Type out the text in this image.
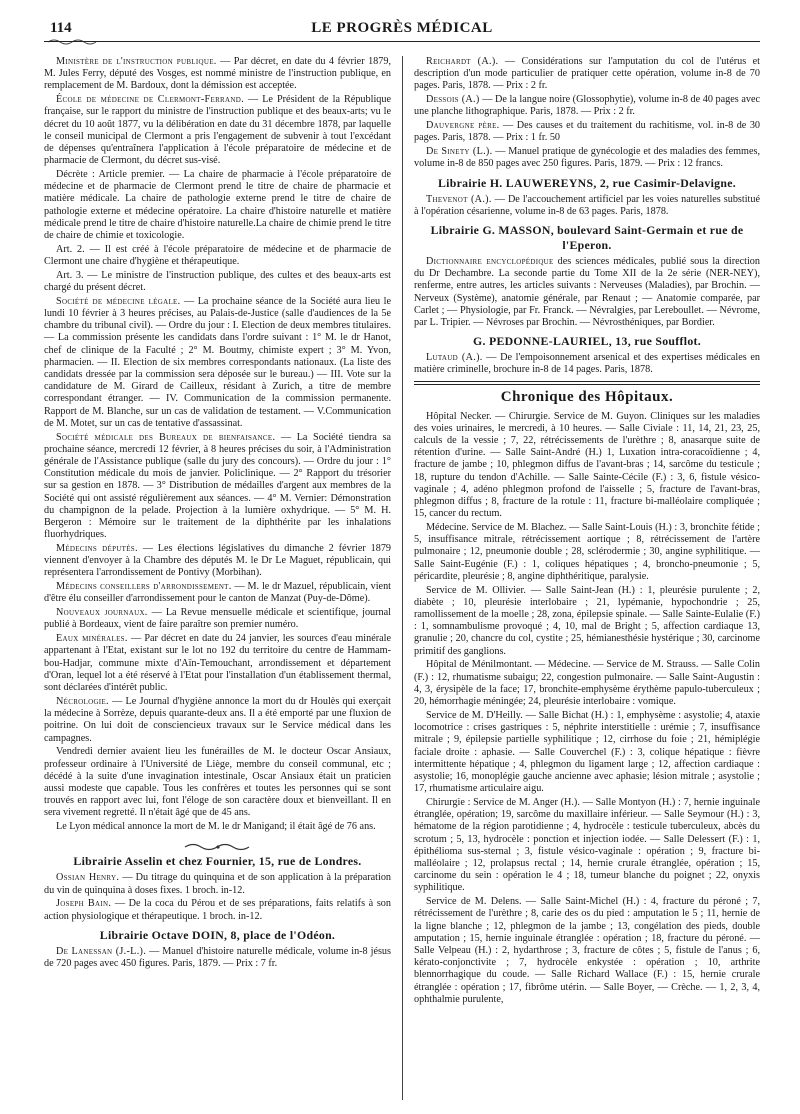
114	LE PROGRÈS MÉDICAL

Ministère de l'instruction publique. — Par décret, en date du 4 février 1879, M. Jules Ferry, député des Vosges, est nommé ministre de l'instruction publique, en remplacement de M. Bardoux, dont la démission est acceptée.

École de médecine de Clermont-Ferrand. — Le Président de la République française, sur le rapport du ministre de l'instruction publique et des beaux-arts; vu le décret du 10 août 1877, vu la délibération en date du 31 décembre 1878, par laquelle le conseil municipal de Clermont a pris l'engagement de subvenir à tout l'excédant de dépenses qu'entraînera l'application à l'école préparatoire de médecine et de pharmacie de Clermont, du décret sus-visé.

Décrète : Article premier. — La chaire de pharmacie à l'école préparatoire de médecine et de pharmacie de Clermont prend le titre de chaire de pharmacie et matière médicale. La chaire de pathologie externe prend le titre de chaire de pathologie externe et médecine opératoire. La chaire d'histoire naturelle et matière médicale prend le titre de chaire d'histoire naturelle.La chaire de chimie prend le titre de chaire de chimie et toxicologie.

Art. 2. — Il est créé à l'école préparatoire de médecine et de pharmacie de Clermont une chaire d'hygiène et thérapeutique.

Art. 3. — Le ministre de l'instruction publique, des cultes et des beaux-arts est chargé du présent décret.

Société de médecine légale. — La prochaine séance de la Société aura lieu le lundi 10 février à 3 heures précises, au Palais-de-Justice (salle d'audiences de la 5e chambre du tribunal civil). — Ordre du jour : I. Election de deux membres titulaires. — La commission présente les candidats dans l'ordre suivant : 1° M. le dr Hanot, chef de clinique de la Faculté ; 2° M. Boutmy, chimiste expert ; 3° M. Yvon, pharmacien. — II. Election de six membres correspondants nationaux. (La liste des candidats dressée par la commission sera déposée sur le bureau.) — III. Vote sur la candidature de M. Girard de Cailleux, résidant à Zurich, a titre de membre correspondant étranger. — IV. Communication de la commission permanente. Rapport de M. Blanche, sur un cas de validation de testament. — V.Communication de M. Motet, sur un cas de tentative d'assassinat.

Société médicale des Bureaux de bienfaisance. — La Société tiendra sa prochaine séance, mercredi 12 février, à 8 heures précises du soir, à l'Administration générale de l'Assistance publique (salle du jury des concours). — Ordre du jour : 1° Constitution médicale du mois de janvier. Policlinique. — 2° Rapport du trésorier sur sa gestion en 1878. — 3° Distribution de médailles d'argent aux membres de la Société qui ont assisté régulièrement aux séances. — 4° M. Vernier: Démonstration du champignon de la pelade. Projection à la lumière oxhydrique. — 5° M. H. Bergeron : Mémoire sur le traitement de la diphthérite par les inhalations fluorhydriques.

Médecins députés. — Les élections législatives du dimanche 2 février 1879 viennent d'envoyer à la Chambre des députés M. le Dr Le Maguet, républicain, qui représentera l'arrondissement de Pontivy (Morbihan).

Médecins conseillers d'arrondissement. — M. le dr Mazuel, républicain, vient d'être élu conseiller d'arrondissement pour le canton de Manzat (Puy-de-Dôme).

Nouveaux journaux. — La Revue mensuelle médicale et scientifique, journal publié à Bordeaux, vient de faire paraître son premier numéro.

Eaux minérales. — Par décret en date du 24 janvier, les sources d'eau minérale appartenant à l'Etat, existant sur le lot no 192 du territoire du centre de Hammam-bou-Hadjar, commune mixte d'Aïn-Temouchant, arrondissement et département d'Oran, lequel lot a été réservé à l'Etat pour l'installation d'un établissement thermal, sont déclarées d'intérêt public.

Nécrologie. — Le Journal d'hygiène annonce la mort du dr Houlès qui exerçait la médecine à Sorrèze, depuis quarante-deux ans. Il a été emporté par une fluxion de poitrine. On lui doit de consciencieux travaux sur le Service médical dans les campagnes.

Vendredi dernier avaient lieu les funérailles de M. le docteur Oscar Ansiaux, professeur ordinaire à l'Université de Liège, membre du conseil communal, etc ; décédé à la suite d'une invagination intestinale, Oscar Ansiaux était un praticien aussi modeste que capable. Tous les confrères et toutes les personnes qui se sont trouvés en rapport avec lui, font l'éloge de son caractère doux et bienveillant. Il en sera vivement regretté. Il n'était âgé que de 45 ans.

Le Lyon médical annonce la mort de M. le dr Manigand; il était âgé de 76 ans.

Librairie Asselin et chez Fournier, 15, rue de Londres.

Ossian Henry. — Du titrage du quinquina et de son application à la préparation du vin de quinquina à doses fixes. 1 broch. in-12.

Joseph Bain. — De la coca du Pérou et de ses préparations, faits relatifs à son action physiologique et thérapeutique. 1 broch. in-12.

Librairie Octave DOIN, 8, place de l'Odéon.

De Lanessan (J.-L.). — Manuel d'histoire naturelle médicale, volume in-8 jésus de 720 pages avec 450 figures. Paris, 1879. — Prix : 7 fr.

Reichardt (A.). — Considérations sur l'amputation du col de l'utérus et description d'un mode particulier de pratiquer cette opération, volume in-8 de 70 pages. Paris, 1878. — Prix : 2 fr.

Dessois (A.) — De la langue noire (Glossophytie), volume in-8 de 40 pages avec une planche lithographique. Paris, 1878. — Prix : 2 fr.

Dauvergne père. — Des causes et du traitement du rachitisme, vol. in-8 de 30 pages. Paris, 1878. — Prix : 1 fr. 50

De Sinety (L.). — Manuel pratique de gynécologie et des maladies des femmes, volume in-8 de 850 pages avec 250 figures. Paris, 1879. — Prix : 12 francs.

Librairie H. LAUWEREYNS, 2, rue Casimir-Delavigne.

Thevenot (A.). — De l'accouchement artificiel par les voies naturelles substitué à l'opération césarienne, volume in-8 de 63 pages. Paris, 1878.

Librairie G. MASSON, boulevard Saint-Germain et rue de l'Eperon.

Dictionnaire encyclopédique des sciences médicales, publié sous la direction du Dr Dechambre. La seconde partie du Tome XII de la 2e série (NER-NEY), renferme, entre autres, les articles suivants : Nerveuses (Maladies), par Brochin. — Nerveux (Système), anatomie générale, par Renaut ; — Anatomie comparée, par Carlet ; — Physiologie, par Fr. Franck. — Névralgies, par Lereboullet. — Névrome, par L. Tripier. — Névroses par Brochin. — Névrosthéniques, par Bordier.

G. PEDONNE-LAURIEL, 13, rue Soufflot.

Lutaud (A.). — De l'empoisonnement arsenical et des expertises médicales en matière criminelle, brochure in-8 de 14 pages. Paris, 1878.

Chronique des Hôpitaux.

Hôpital Necker. — Chirurgie. Service de M. Guyon. Cliniques sur les maladies des voies urinaires, le mercredi, à 10 heures. — Salle Civiale : 11, 14, 21, 23, 25, calculs de la vessie ; 7, 22, rétrécissements de l'urèthre ; 8, anasarque suite de rétention d'urine. — Salle Saint-André (H.) 1, Luxation intra-coracoïdienne ; 4, fracture de jambe ; 10, phlegmon diffus de l'avant-bras ; 14, sarcôme du testicule ; 18, rupture du tendon d'Achille. — Salle Sainte-Cécile (F.) : 3, 6, fistule vésico-vaginale ; 4, adéno phlegmon profond de l'aisselle ; 5, fracture de l'avant-bras, phlegmon diffus ; 8, fracture de la rotule : 11, fracture bi-malléolaire compliquée ; 15, cancer du rectum.

Médecine. Service de M. Blachez. — Salle Saint-Louis (H.) : 3, bronchite fétide ; 5, insuffisance mitrale, rétrécissement aortique ; 8, rétrécissement de l'artère pulmonaire ; 12, pneumonie double ; 28, sclérodermie ; 30, angine syphilitique. — Salle Saint-Eugénie (F.) : 1, coliques hépatiques ; 4, broncho-pneumonie ; 5, péricardite, pleurésie ; 8, angine diphthéritique, paralysie.

Service de M. Ollivier. — Salle Saint-Jean (H.) : 1, pleurésie purulente ; 2, diabète ; 10, pleurésie interlobaire ; 21, lypémanie, hypochondrie ; 25, ramollissement de la moelle ; 28, zona, épilepsie spinale. — Salle Sainte-Eulalie (F.) : 1, somnambulisme provoqué ; 4, 10, mal de Bright ; 5, affection cardiaque 13, granulie ; 20, chancre du col, cystite ; 25, hémianesthésie hystérique ; 30, carcinome primitif des ganglions.

Hôpital de Ménilmontant. — Médecine. — Service de M. Strauss. — Salle Colin (F.) : 12, rhumatisme subaigu; 22, congestion pulmonaire. — Salle Saint-Augustin : 4, 3, érysipèle de la face; 17, bronchite-emphysème érythème papulo-tuberculeux ; 20, hémorrhagie méningée; 24, pleurésie interlobaire : vomique.

Service de M. D'Heilly. — Salle Bichat (H.) : 1, emphysème : asystolie; 4, ataxie locomotrice : crises gastriques : 5, néphrite interstitielle : urémie ; 7, insuffisance mitrale ; 9, épilepsie partielle syphilitique ; 12, cirrhose du foie ; 21, hémiplégie faciale droite : aphasie. — Salle Couverchel (F.) : 3, colique hépatique : fièvre intermittente hépatique ; 4, phlegmon du ligament large ; 12, affection cardiaque : asystolie; 16, monoplégie gauche ancienne avec aphasie; lésion mitrale ; asystolie ; 17, rhumatisme articulaire aigu.

Chirurgie : Service de M. Anger (H.). — Salle Montyon (H.) : 7, hernie inguinale étranglée, opération; 19, sarcôme du maxillaire inférieur. — Salle Seymour (H.) : 3, hématome de la région parotidienne ; 4, hydrocèle : testicule tuberculeux, abcès du scrotum ; 5, 13, hydrocèle : ponction et injection iodée. — Salle Delessert (F.) : 1, épithélioma sus-sternal ; 3, fistule vésico-vaginale : opération ; 9, fracture bi-malléolaire ; 12, prolapsus rectal ; 14, hernie crurale étranglée, opération ; 15, carcinome du sein : opération le 4 ; 18, tumeur blanche du poignet ; 22, onyxis syphilitique.

Service de M. Delens. — Salle Saint-Michel (H.) : 4, fracture du péroné ; 7, rétrécissement de l'urèthre ; 8, carie des os du pied : amputation le 5 ; 11, hernie de la ligne blanche ; 12, phlegmon de la jambe ; 13, congélation des pieds, double amputation ; 15, hernie inguinale étranglée : opération ; 18, fracture du péroné. — Salle Velpeau (H.) : 2, hydarthrose ; 3, fracture de côtes ; 5, fistule de l'anus ; 6, kérato-conjonctivite ; 7, hydrocèle enkystée : opération ; 10, arthrite blennorrhagique du coude. — Salle Richard Wallace (F.) : 15, hernie crurale étranglée : opération ; 17, fibrôme utérin. — Salle Boyer, — Crèche. — 1, 2, 3, 4, ophthalmie purulente,
